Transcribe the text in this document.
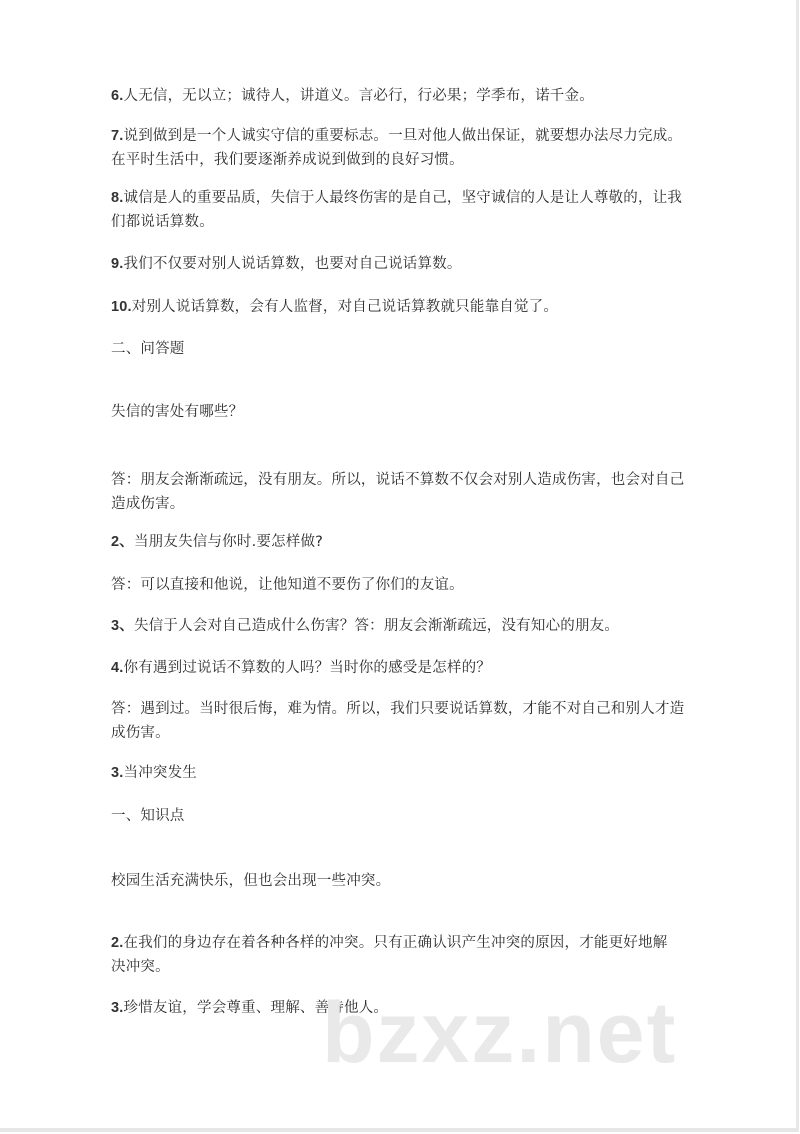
6.人无信，无以立；诚待人，讲道义。言必行，行必果；学季布，诺千金。
7.说到做到是一个人诚实守信的重要标志。一旦对他人做出保证，就要想办法尽力完成。在平时生活中，我们要逐渐养成说到做到的良好习惯。
8.诚信是人的重要品质，失信于人最终伤害的是自己，坚守诚信的人是让人尊敬的，让我们都说话算数。
9.我们不仅要对别人说话算数，也要对自己说话算数。
10.对别人说话算数，会有人监督，对自己说话算教就只能靠自觉了。
二、问答题
失信的害处有哪些？
答：朋友会渐渐疏远，没有朋友。所以，说话不算数不仅会对别人造成伤害，也会对自己造成伤害。
2、当朋友失信与你时.要怎样做?
答：可以直接和他说，让他知道不要伤了你们的友谊。
3、失信于人会对自己造成什么伤害？答：朋友会渐渐疏远，没有知心的朋友。
4.你有遇到过说话不算数的人吗？当时你的感受是怎样的？
答：遇到过。当时很后悔，难为情。所以，我们只要说话算数，才能不对自己和别人才造成伤害。
3.当冲突发生
一、知识点
校园生活充满快乐，但也会出现一些冲突。
2.在我们的身边存在着各种各样的冲突。只有正确认识产生冲突的原因，才能更好地解决冲突。
3.珍惜友谊，学会尊重、理解、善待他人。
bzxz.net
